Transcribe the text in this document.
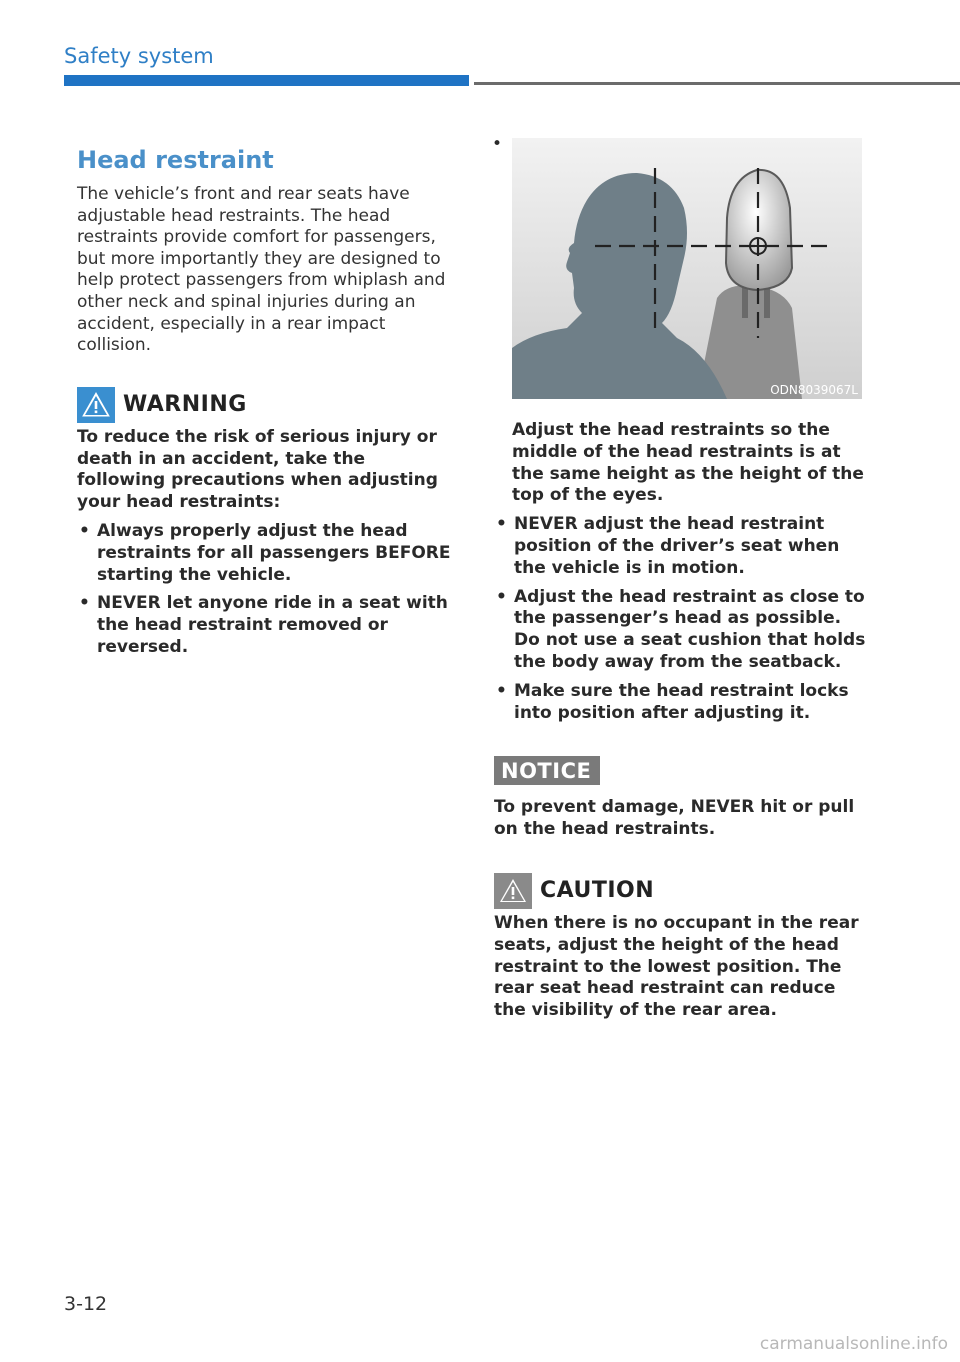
Safety system
Head restraint

The vehicle’s front and rear seats have adjustable head restraints. The head restraints provide comfort for passengers, but more importantly they are designed to help protect passengers from whiplash and other neck and spinal injuries during an accident, especially in a rear impact collision.

WARNING

To reduce the risk of serious injury or death in an accident, take the following precautions when adjusting your head restraints:

• Always properly adjust the head restraints for all passengers BEFORE starting the vehicle.
• NEVER let anyone ride in a seat with the head restraint removed or reversed.
•
ODN8039067L

Adjust the head restraints so the middle of the head restraints is at the same height as the height of the top of the eyes.

• NEVER adjust the head restraint position of the driver’s seat when the vehicle is in motion.
• Adjust the head restraint as close to the passenger’s head as possible. Do not use a seat cushion that holds the body away from the seatback.
• Make sure the head restraint locks into position after adjusting it.
NOTICE

To prevent damage, NEVER hit or pull on the head restraints.

CAUTION

When there is no occupant in the rear seats, adjust the height of the head restraint to the lowest position. The rear seat head restraint can reduce the visibility of the rear area.

3-12
carmanualsonline.info
